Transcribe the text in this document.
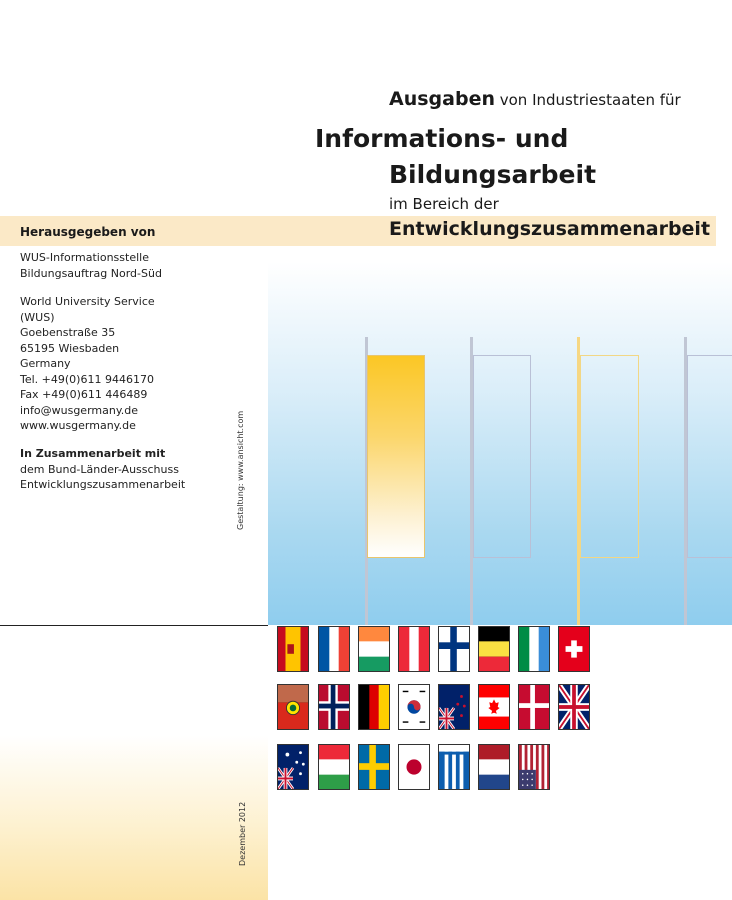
Ausgaben von Industriestaaten für
Informations- und
Bildungsarbeit
im Bereich der
Herausgegeben von	Entwicklungszusammenarbeit
WUS-Informationsstelle
Bildungsauftrag Nord-Süd
World University Service
(WUS)
Goebenstraße 35
65195 Wiesbaden
Germany
Tel. +49(0)611 9446170
Fax +49(0)611 446489
info@wusgermany.de
www.wusgermany.de
In Zusammenarbeit mit
dem Bund-Länder-Ausschuss
Entwicklungszusammenarbeit	Gestaltung: www.ansicht.com
Dezember 2012
